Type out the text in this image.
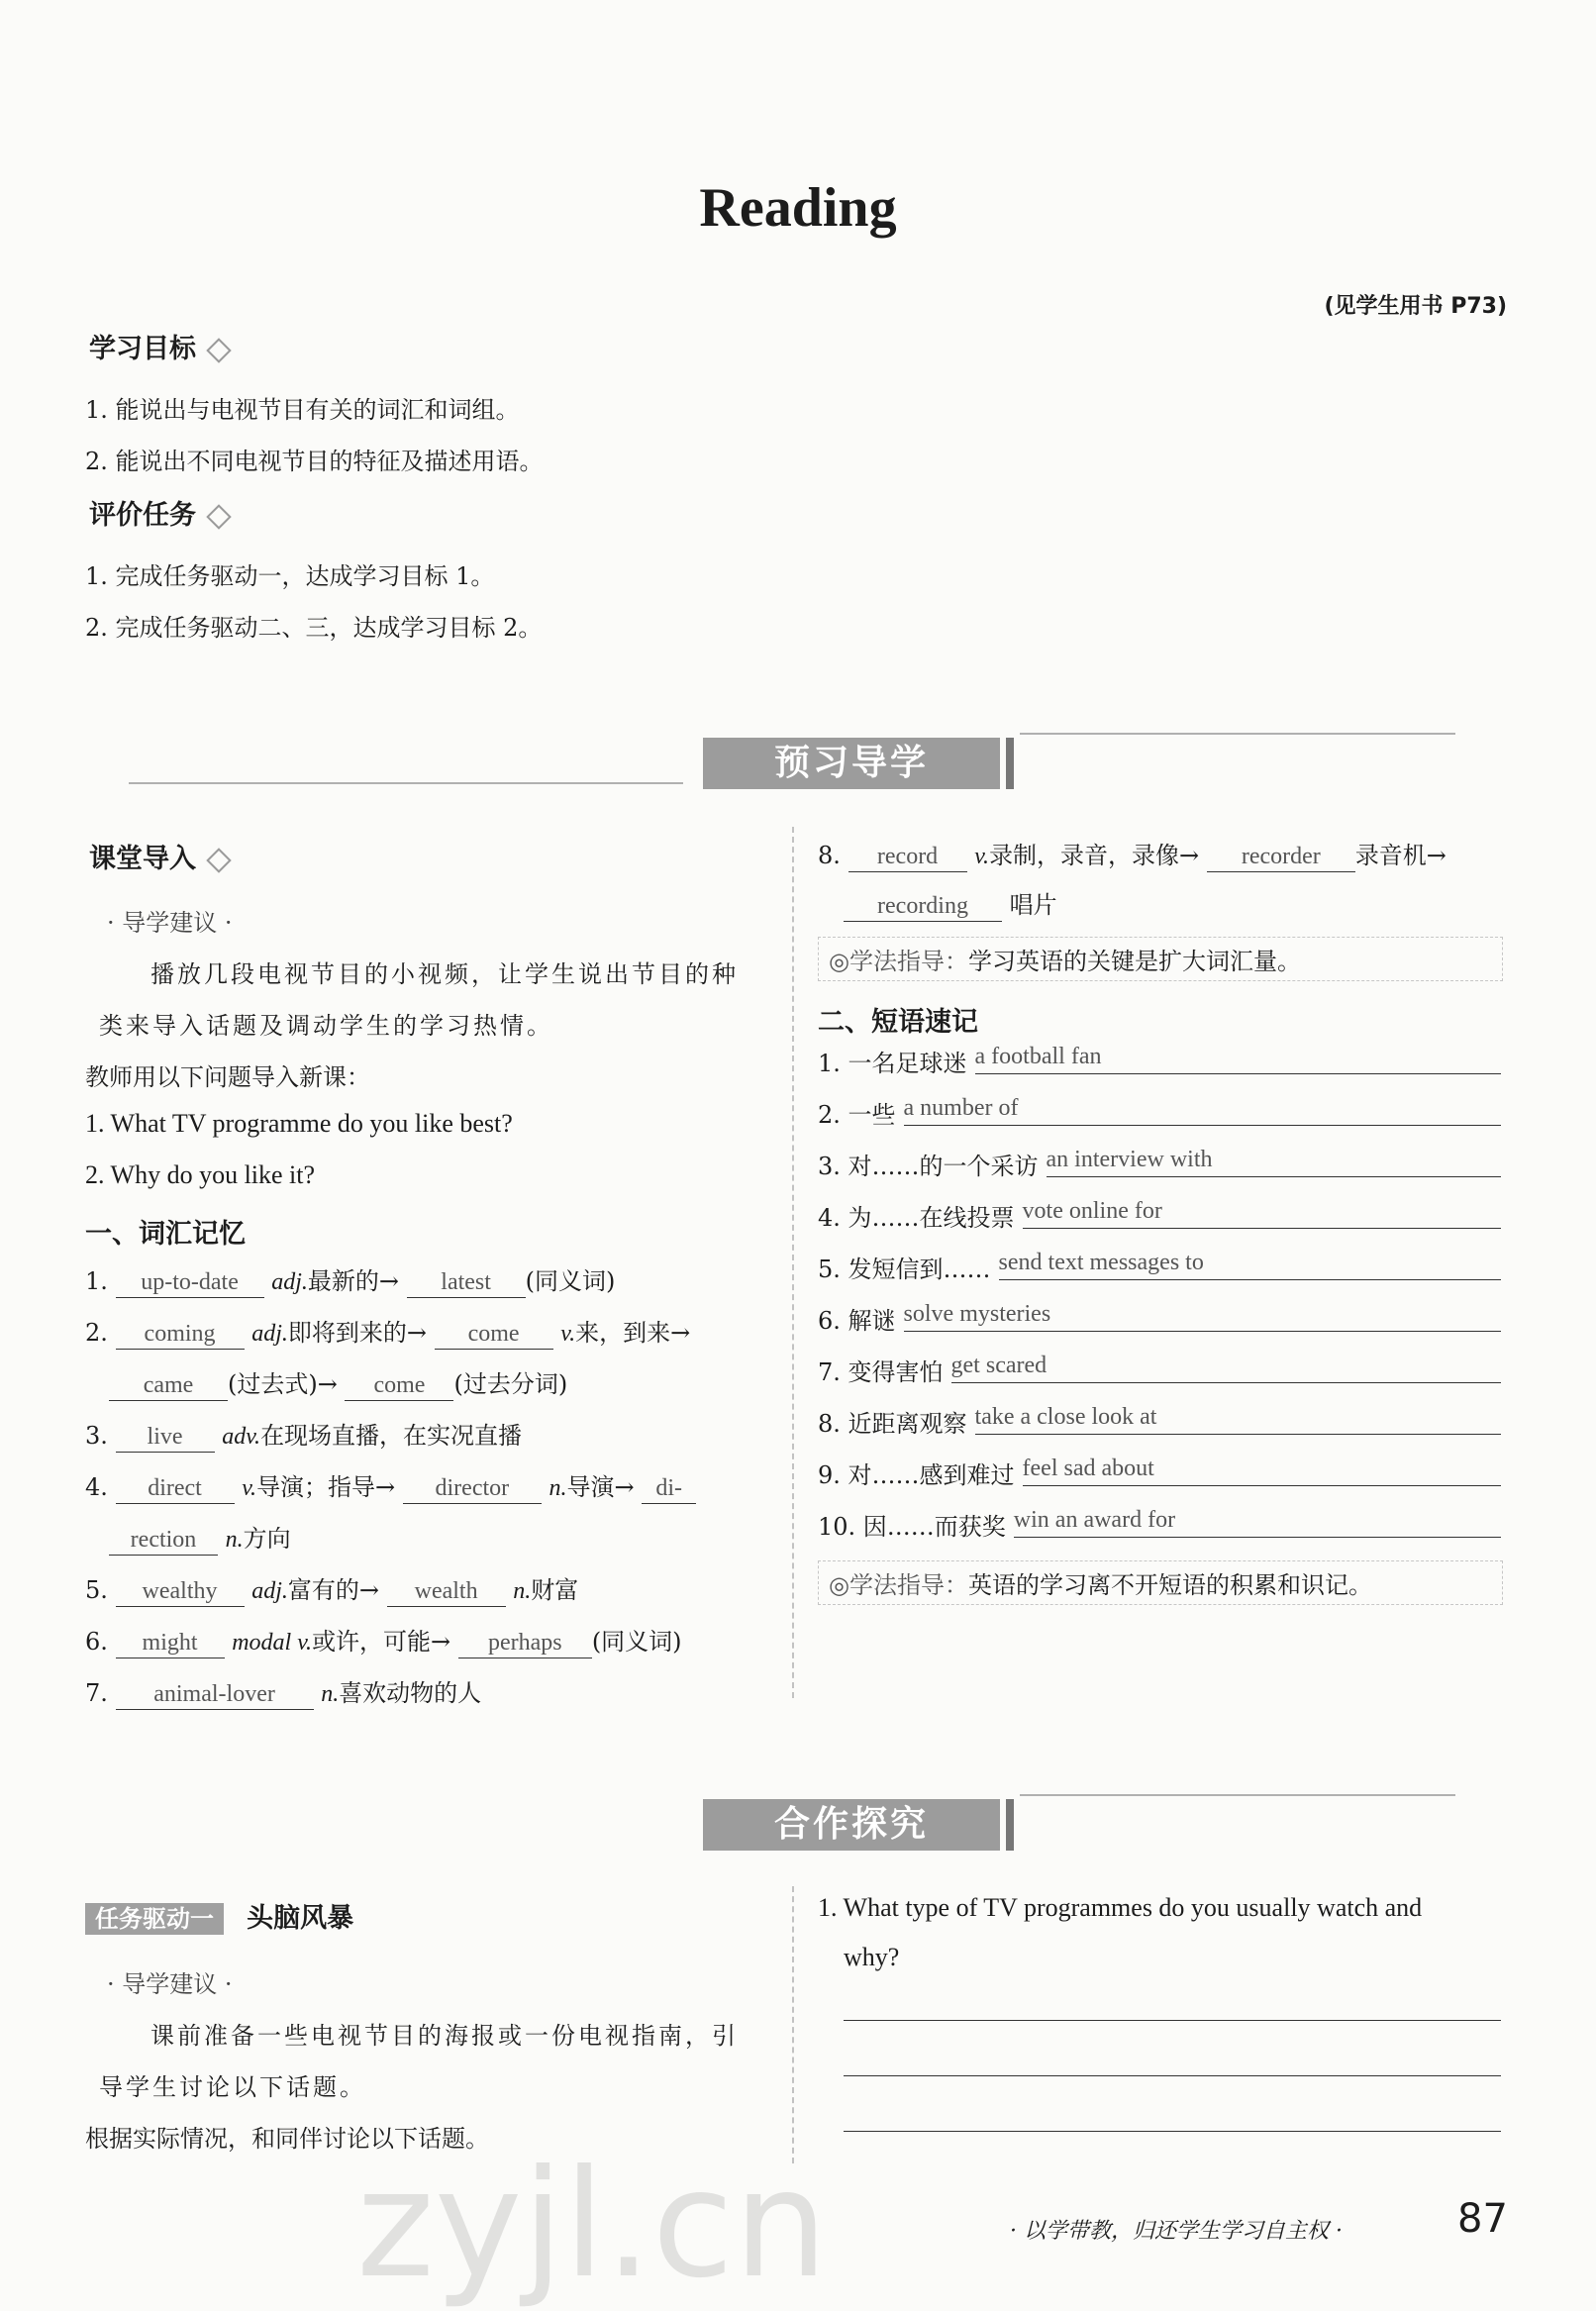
Reading
(见学生用书 P73)
学习目标
1. 能说出与电视节目有关的词汇和词组。
2. 能说出不同电视节目的特征及描述用语。
评价任务
1. 完成任务驱动一，达成学习目标 1。
2. 完成任务驱动二、三，达成学习目标 2。
预习导学
课堂导入
· 导学建议 ·
播放几段电视节目的小视频，让学生说出节目的种
类来导入话题及调动学生的学习热情。
教师用以下问题导入新课：
1. What TV programme do you like best?
2. Why do you like it?
一、词汇记忆
1. up-to-date adj.最新的→ latest (同义词)
2. coming adj.即将到来的→ come v.来，到来→
came (过去式)→ come (过去分词)
3. live adv.在现场直播，在实况直播
4. direct v.导演；指导→ director n.导演→ di-
rection n.方向
5. wealthy adj.富有的→ wealth n.财富
6. might modal v.或许，可能→ perhaps (同义词)
7. animal-lover n.喜欢动物的人
8. record v.录制，录音，录像→ recorder 录音机→
recording 唱片
◎学法指导：学习英语的关键是扩大词汇量。
二、短语速记
1. 一名足球迷 a football fan
2. 一些 a number of
3. 对……的一个采访 an interview with
4. 为……在线投票 vote online for
5. 发短信到…… send text messages to
6. 解谜 solve mysteries
7. 变得害怕 get scared
8. 近距离观察 take a close look at
9. 对……感到难过 feel sad about
10. 因……而获奖 win an award for
◎学法指导：英语的学习离不开短语的积累和识记。
合作探究
任务驱动一 头脑风暴
· 导学建议 ·
课前准备一些电视节目的海报或一份电视指南，引
导学生讨论以下话题。
根据实际情况，和同伴讨论以下话题。
1. What type of TV programmes do you usually watch and
why?
· 以学带教，归还学生学习自主权 ·	87
zyjl.cn
